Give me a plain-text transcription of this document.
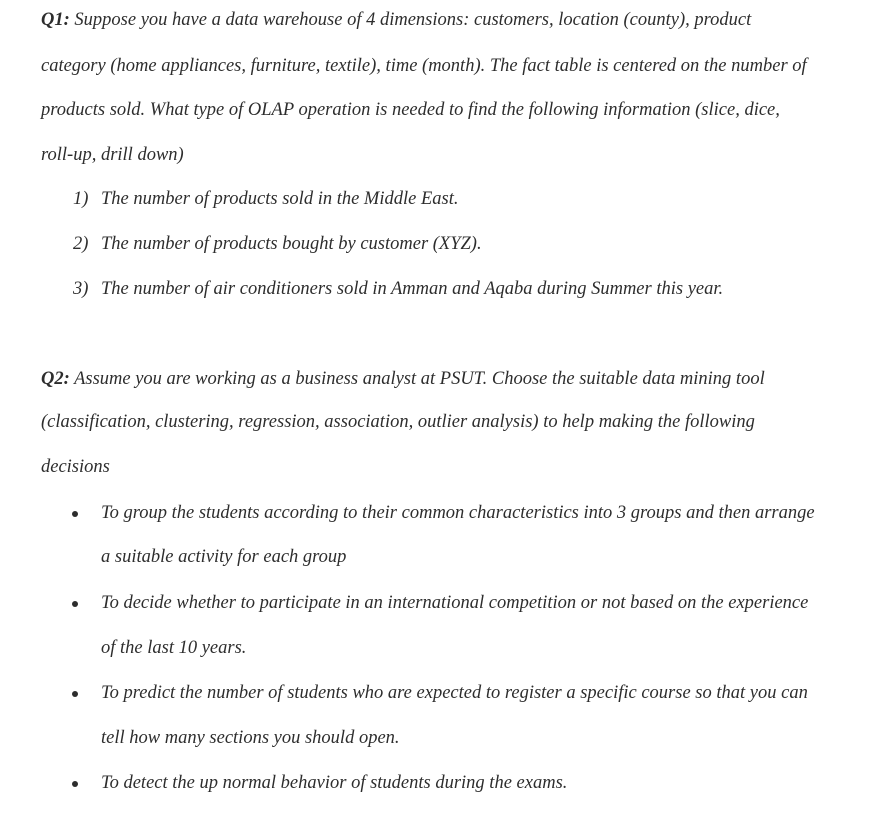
Q1: Suppose you have a data warehouse of 4 dimensions: customers, location (county), product
category (home appliances, furniture, textile), time (month). The fact table is centered on the number of
products sold. What type of OLAP operation is needed to find the following information (slice, dice,
roll-up, drill down)
1) The number of products sold in the Middle East.
2) The number of products bought by customer (XYZ).
3) The number of air conditioners sold in Amman and Aqaba during Summer this year.
Q2: Assume you are working as a business analyst at PSUT. Choose the suitable data mining tool
(classification, clustering, regression, association, outlier analysis) to help making the following
decisions
To group the students according to their common characteristics into 3 groups and then arrange
a suitable activity for each group
To decide whether to participate in an international competition or not based on the experience
of the last 10 years.
To predict the number of students who are expected to register a specific course so that you can
tell how many sections you should open.
To detect the up normal behavior of students during the exams.
